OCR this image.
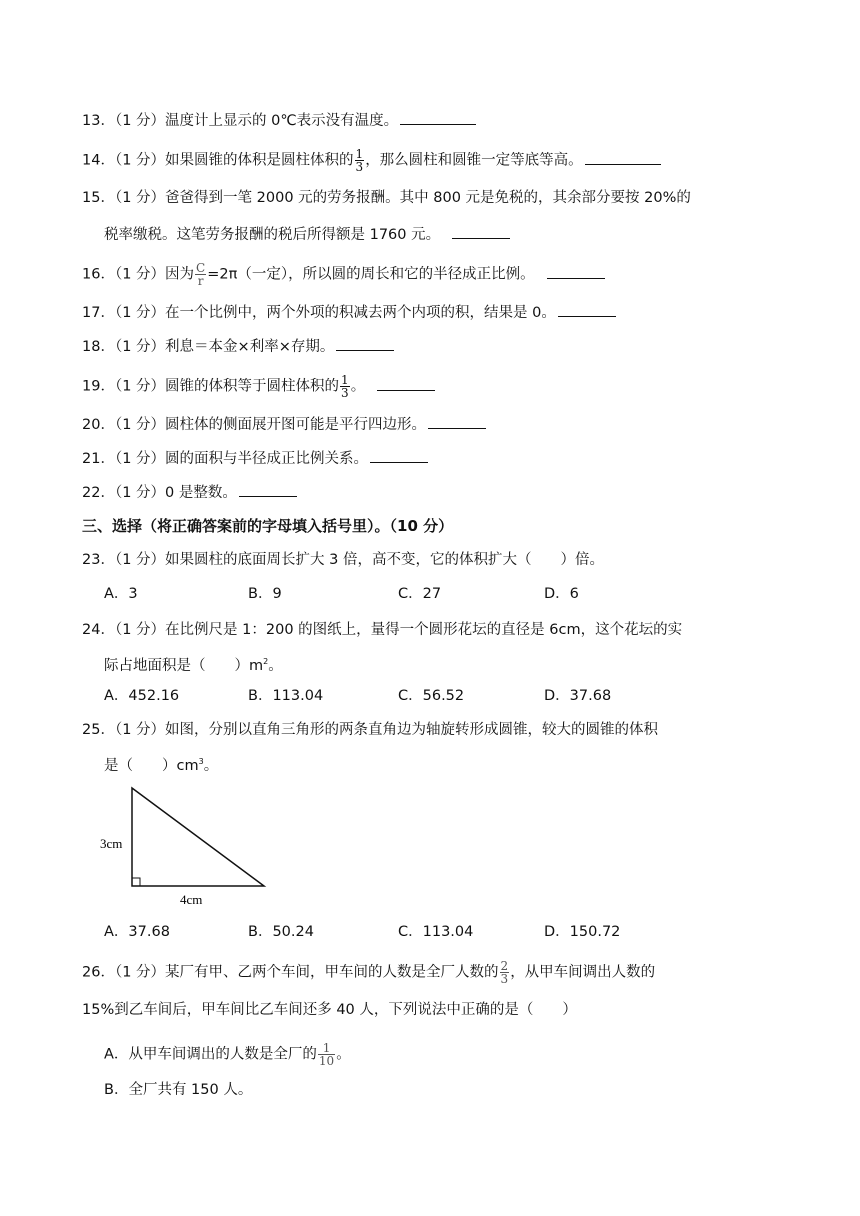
13．（1 分）温度计上显示的 0℃表示没有温度。
14．（1 分）如果圆锥的体积是圆柱体积的 $\frac{1}{3}$ ，那么圆柱和圆锥一定等底等高。
15．（1 分）爸爸得到一笔 2000 元的劳务报酬。其中 800 元是免税的，其余部分要按 20%的
税率缴税。这笔劳务报酬的税后所得额是 1760 元。
16．（1 分）因为 $\frac{C}{r} =2\pi$（一定），所以圆的周长和它的半径成正比例。
17．（1 分）在一个比例中，两个外项的积减去两个内项的积，结果是 0。
18．（1 分）利息＝本金×利率×存期。
19．（1 分）圆锥的体积等于圆柱体积的 $\frac{1}{3}$ 。
20．（1 分）圆柱体的侧面展开图可能是平行四边形。
21．（1 分）圆的面积与半径成正比例关系。
22．（1 分）0 是整数。
三、选择（将正确答案前的字母填入括号里）。（10 分）
23．（1 分）如果圆柱的底面周长扩大 3 倍，高不变，它的体积扩大（　　）倍。
A．3	B．9	C．27	D．6
24．（1 分）在比例尺是 1：200 的图纸上，量得一个圆形花坛的直径是 6cm，这个花坛的实
际占地面积是（　　）$m^2$。
A．452.16	B．113.04	C．56.52	D．37.68
25．（1 分）如图，分别以直角三角形的两条直角边为轴旋转形成圆锥，较大的圆锥的体积
是（　　）$cm^3$。
3cm
4cm
A．37.68	B．50.24	C．113.04	D．150.72
26．（1 分）某厂有甲、乙两个车间，甲车间的人数是全厂人数的 $\frac{2}{3}$ ，从甲车间调出人数的
15%到乙车间后，甲车间比乙车间还多 40 人，下列说法中正确的是（　　）
A．从甲车间调出的人数是全厂的 $\frac{1}{10}$ 。
B．全厂共有 150 人。
